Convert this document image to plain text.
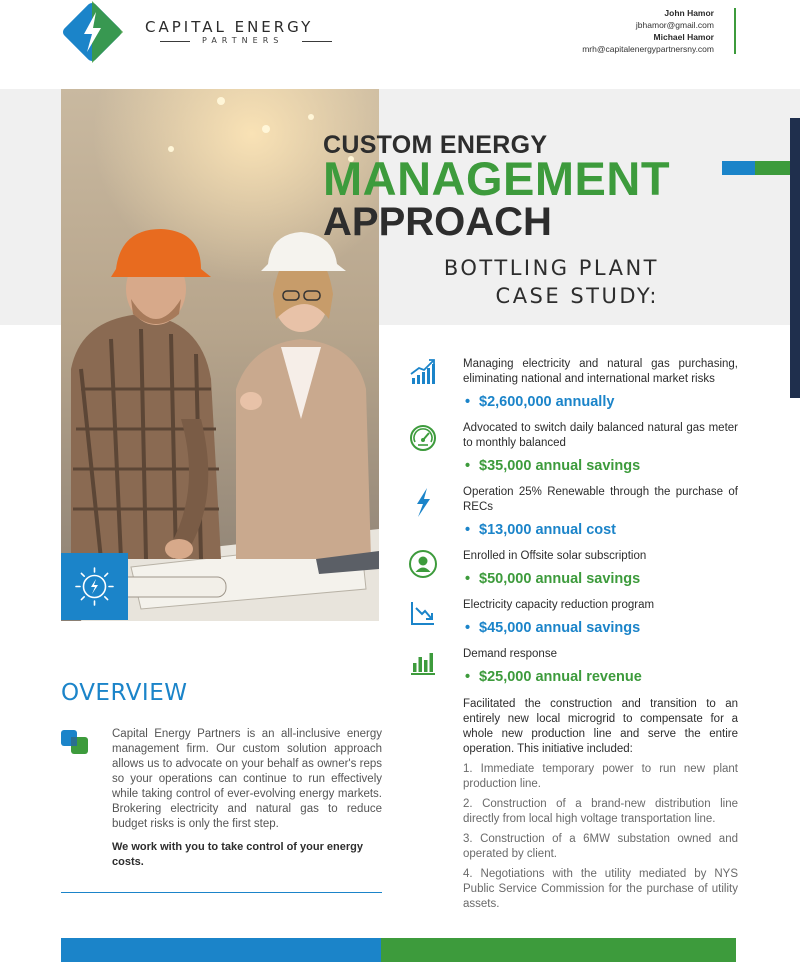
CAPITAL ENERGY
PARTNERS
John Hamor
jbhamor@gmail.com
Michael Hamor
mrh@capitalenergypartnersny.com
CUSTOM ENERGY
MANAGEMENT
APPROACH
BOTTLING PLANT
CASE STUDY:
Managing electricity and natural gas purchasing, eliminating national and international market risks
• $2,600,000 annually
Advocated to switch daily balanced natural gas meter to monthly balanced
• $35,000 annual savings
Operation 25% Renewable through the purchase of RECs
• $13,000 annual cost
Enrolled in Offsite solar subscription
• $50,000 annual savings
Electricity capacity reduction program
• $45,000 annual savings
Demand response
• $25,000 annual revenue
Facilitated the construction and transition to an entirely new local microgrid to compensate for a whole new production line and serve the entire operation. This initiative included:
1. Immediate temporary power to run new plant production line.
2. Construction of a brand-new distribution line directly from local high voltage transportation line.
3. Construction of a 6MW substation owned and operated by client.
4. Negotiations with the utility mediated by NYS Public Service Commission for the purchase of utility assets.
OVERVIEW
Capital Energy Partners is an all-inclusive energy management firm. Our custom solution approach allows us to advocate on your behalf as owner's reps so your operations can continue to run effectively while taking control of ever-evolving energy markets. Brokering electricity and natural gas to reduce budget risks is only the first step.
We work with you to take control of your energy costs.
